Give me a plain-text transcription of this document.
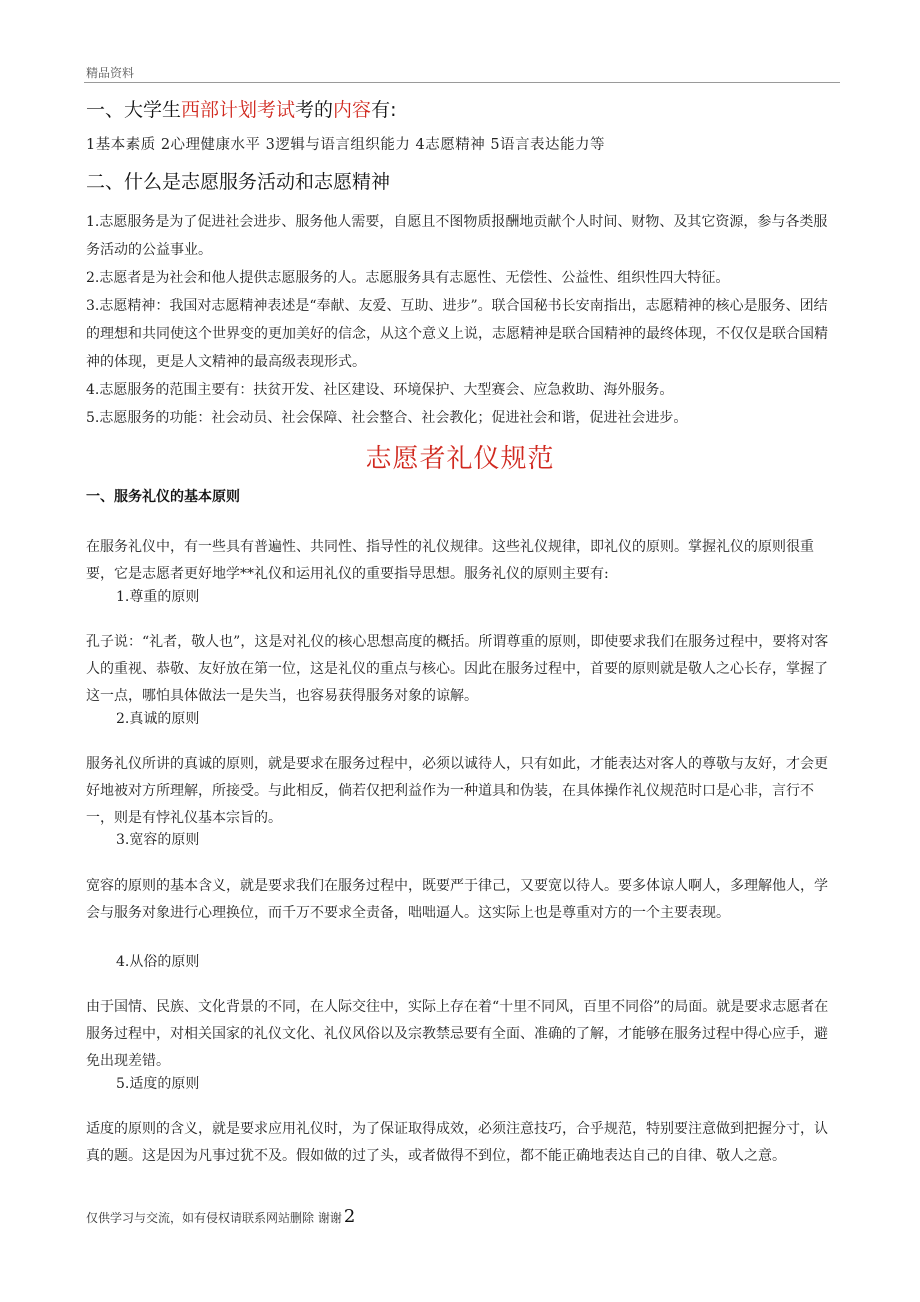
精品资料
一、大学生西部计划考试考的内容有:
1基本素质 2心理健康水平 3逻辑与语言组织能力 4志愿精神 5语言表达能力等
二、什么是志愿服务活动和志愿精神

1.志愿服务是为了促进社会进步、服务他人需要，自愿且不图物质报酬地贡献个人时间、财物、及其它资源，参与各类服务活动的公益事业。

2.志愿者是为社会和他人提供志愿服务的人。志愿服务具有志愿性、无偿性、公益性、组织性四大特征。

3.志愿精神：我国对志愿精神表述是“奉献、友爱、互助、进步”。联合国秘书长安南指出，志愿精神的核心是服务、团结的理想和共同使这个世界变的更加美好的信念，从这个意义上说，志愿精神是联合国精神的最终体现，不仅仅是联合国精神的体现，更是人文精神的最高级表现形式。

4.志愿服务的范围主要有：扶贫开发、社区建设、环境保护、大型赛会、应急救助、海外服务。

5.志愿服务的功能：社会动员、社会保障、社会整合、社会教化；促进社会和谐，促进社会进步。

志愿者礼仪规范
一、服务礼仪的基本原则

在服务礼仪中，有一些具有普遍性、共同性、指导性的礼仪规律。这些礼仪规律，即礼仪的原则。掌握礼仪的原则很重要，它是志愿者更好地学**礼仪和运用礼仪的重要指导思想。服务礼仪的原则主要有:

1.尊重的原则

孔子说：“礼者，敬人也”，这是对礼仪的核心思想高度的概括。所谓尊重的原则，即使要求我们在服务过程中，要将对客人的重视、恭敬、友好放在第一位，这是礼仪的重点与核心。因此在服务过程中，首要的原则就是敬人之心长存，掌握了这一点，哪怕具体做法一是失当，也容易获得服务对象的谅解。

2.真诚的原则

服务礼仪所讲的真诚的原则，就是要求在服务过程中，必须以诚待人，只有如此，才能表达对客人的尊敬与友好，才会更好地被对方所理解，所接受。与此相反，倘若仅把利益作为一种道具和伪装，在具体操作礼仪规范时口是心非，言行不一，则是有悖礼仪基本宗旨的。

3.宽容的原则

宽容的原则的基本含义，就是要求我们在服务过程中，既要严于律己，又要宽以待人。要多体谅人啊人，多理解他人，学会与服务对象进行心理换位，而千万不要求全责备，咄咄逼人。这实际上也是尊重对方的一个主要表现。

4.从俗的原则

由于国情、民族、文化背景的不同，在人际交往中，实际上存在着“十里不同风，百里不同俗”的局面。就是要求志愿者在服务过程中，对相关国家的礼仪文化、礼仪风俗以及宗教禁忌要有全面、准确的了解，才能够在服务过程中得心应手，避免出现差错。

5.适度的原则

适度的原则的含义，就是要求应用礼仪时，为了保证取得成效，必须注意技巧，合乎规范，特别要注意做到把握分寸，认真的题。这是因为凡事过犹不及。假如做的过了头，或者做得不到位，都不能正确地表达自己的自律、敬人之意。

仅供学习与交流，如有侵权请联系网站删除 谢谢 2
